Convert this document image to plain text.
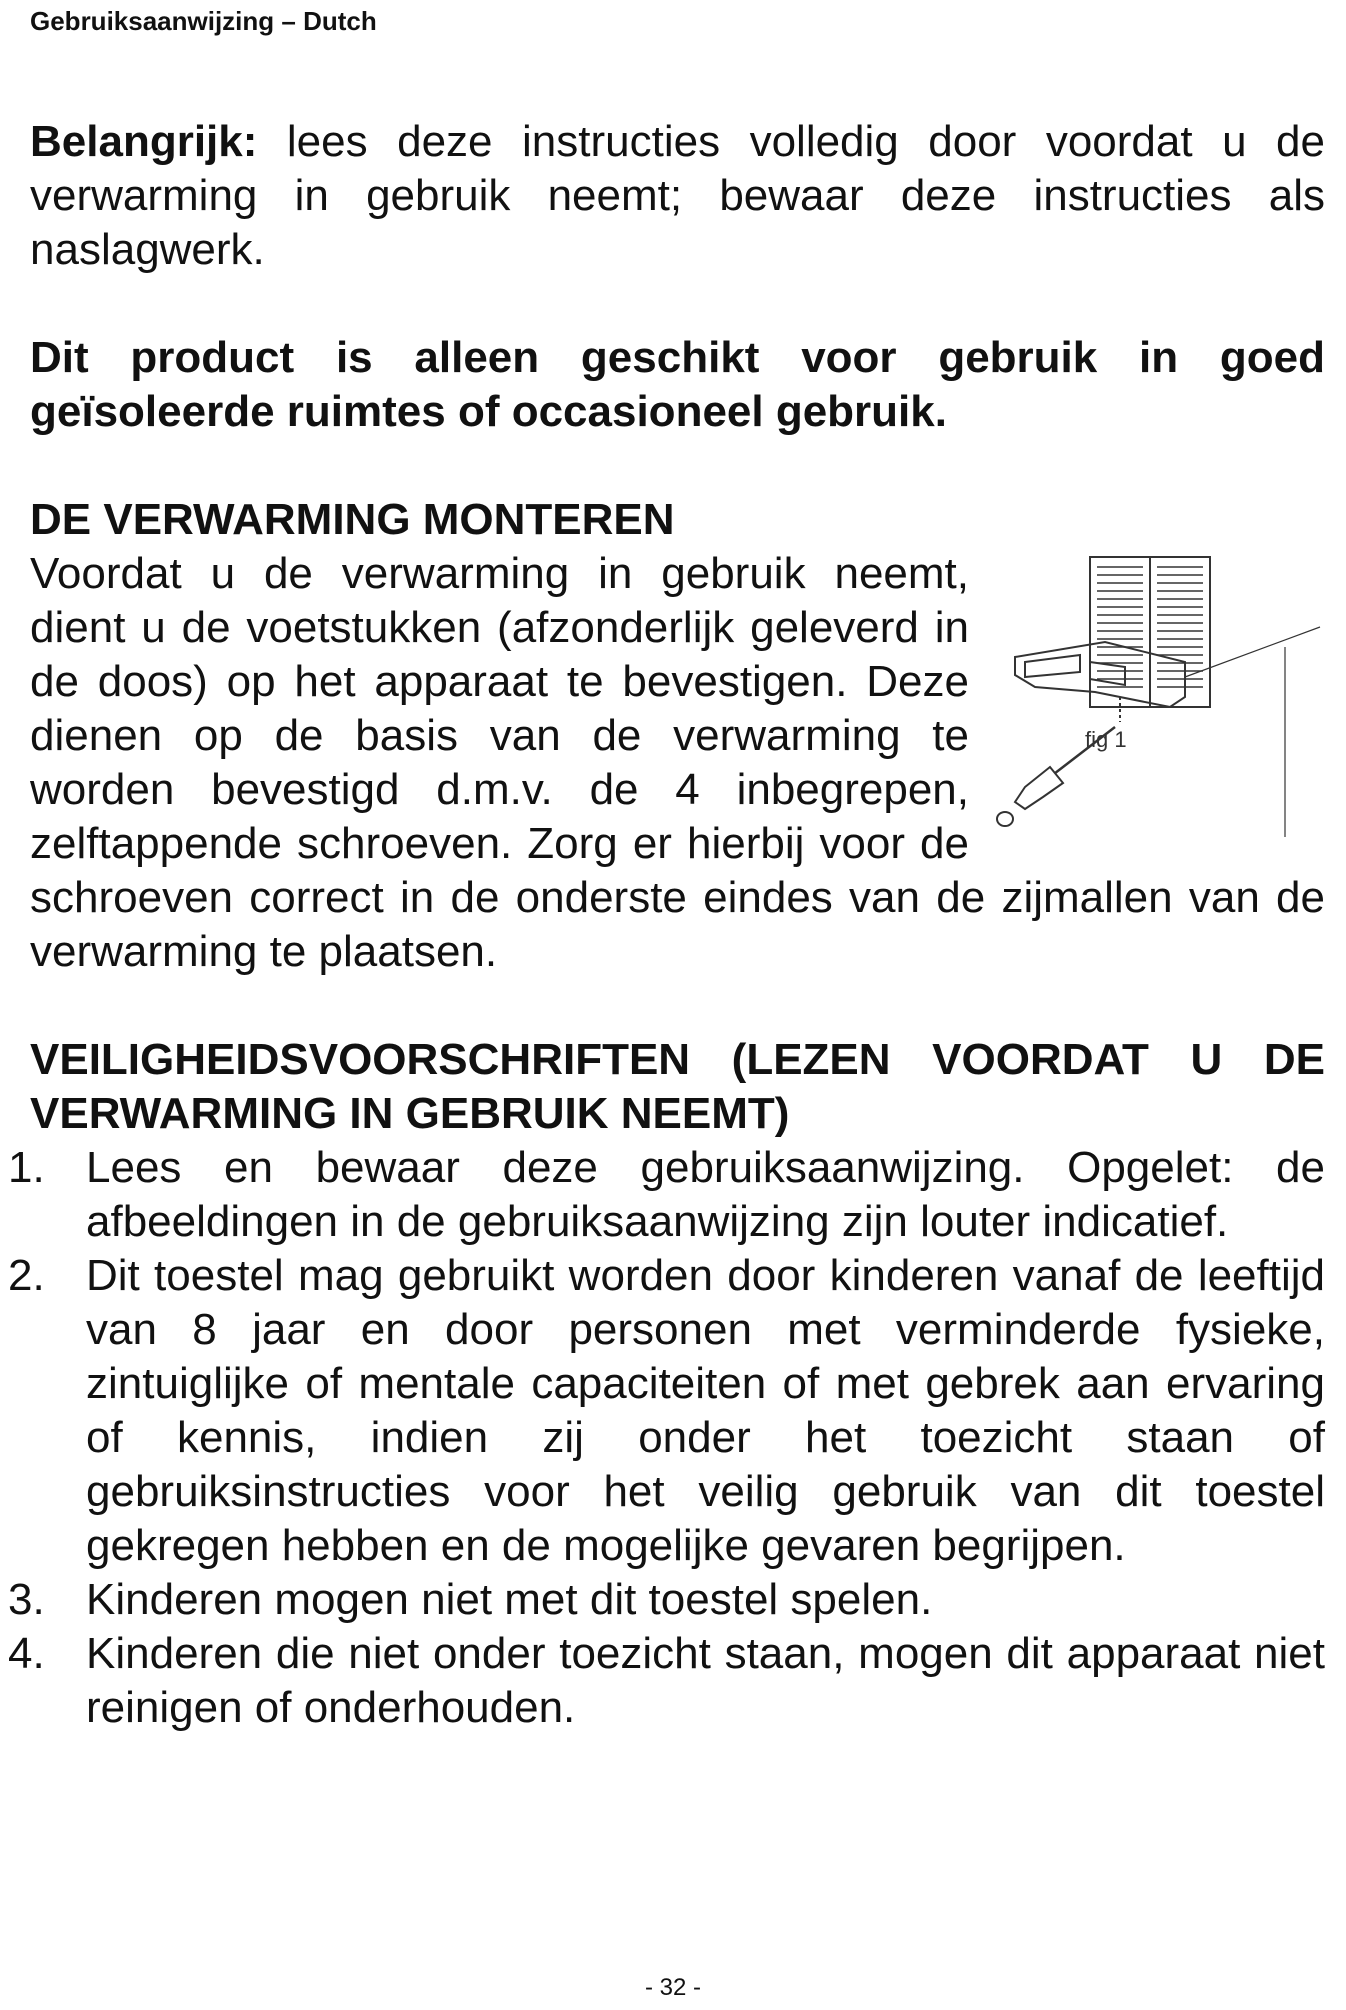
Gebruiksaanwijzing – Dutch

Belangrijk: lees deze instructies volledig door voordat u de verwarming in gebruik neemt; bewaar deze instructies als naslagwerk.

Dit product is alleen geschikt voor gebruik in goed geïsoleerde ruimtes of occasioneel gebruik.

DE VERWARMING MONTEREN
fig 1

Voordat u de verwarming in gebruik neemt, dient u de voetstukken (afzonderlijk geleverd in de doos) op het apparaat te bevestigen. Deze dienen op de basis van de verwarming te worden bevestigd d.m.v. de 4 inbegrepen, zelftappende schroeven. Zorg er hierbij voor de schroeven correct in de onderste eindes van de zijmallen van de verwarming te plaatsen.

VEILIGHEIDSVOORSCHRIFTEN (LEZEN VOORDAT U DE VERWARMING IN GEBRUIK NEEMT)

1. Lees en bewaar deze gebruiksaanwijzing. Opgelet: de afbeeldingen in de gebruiksaanwijzing zijn louter indicatief.
2. Dit toestel mag gebruikt worden door kinderen vanaf de leeftijd van 8 jaar en door personen met verminderde fysieke, zintuiglijke of mentale capaciteiten of met gebrek aan ervaring of kennis, indien zij onder het toezicht staan of gebruiksinstructies voor het veilig gebruik van dit toestel gekregen hebben en de mogelijke gevaren begrijpen.
3. Kinderen mogen niet met dit toestel spelen.
4. Kinderen die niet onder toezicht staan, mogen dit apparaat niet reinigen of onderhouden.
- 32 -
